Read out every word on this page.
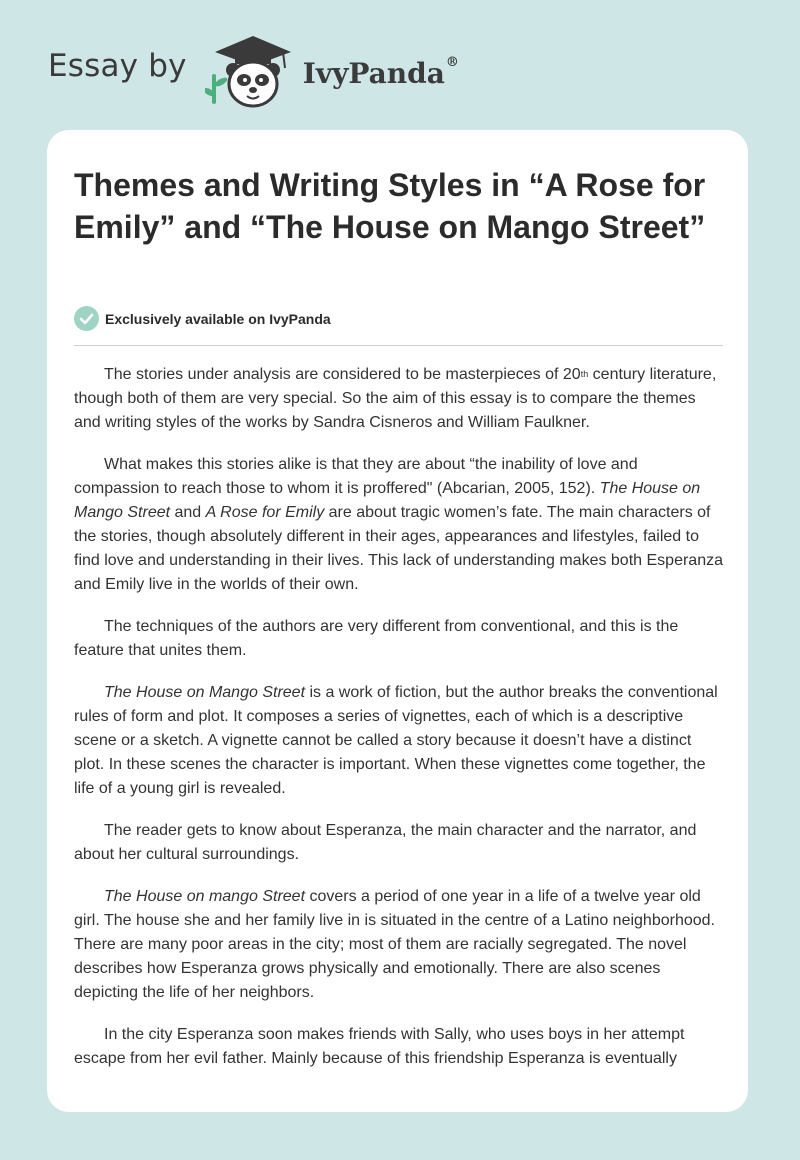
Essay by	IvyPanda®
Themes and Writing Styles in “A Rose for Emily” and “The House on Mango Street”
Exclusively available on IvyPanda

The stories under analysis are considered to be masterpieces of 20th century literature, though both of them are very special. So the aim of this essay is to compare the themes and writing styles of the works by Sandra Cisneros and William Faulkner.

What makes this stories alike is that they are about “the inability of love and compassion to reach those to whom it is proffered" (Abcarian, 2005, 152). The House on Mango Street and A Rose for Emily are about tragic women’s fate. The main characters of the stories, though absolutely different in their ages, appearances and lifestyles, failed to find love and understanding in their lives. This lack of understanding makes both Esperanza and Emily live in the worlds of their own.

The techniques of the authors are very different from conventional, and this is the feature that unites them.

The House on Mango Street is a work of fiction, but the author breaks the conventional rules of form and plot. It composes a series of vignettes, each of which is a descriptive scene or a sketch. A vignette cannot be called a story because it doesn’t have a distinct plot. In these scenes the character is important. When these vignettes come together, the life of a young girl is revealed.

The reader gets to know about Esperanza, the main character and the narrator, and about her cultural surroundings.

The House on mango Street covers a period of one year in a life of a twelve year old girl. The house she and her family live in is situated in the centre of a Latino neighborhood. There are many poor areas in the city; most of them are racially segregated. The novel describes how Esperanza grows physically and emotionally. There are also scenes depicting the life of her neighbors.

In the city Esperanza soon makes friends with Sally, who uses boys in her attempt escape from her evil father. Mainly because of this friendship Esperanza is eventually
